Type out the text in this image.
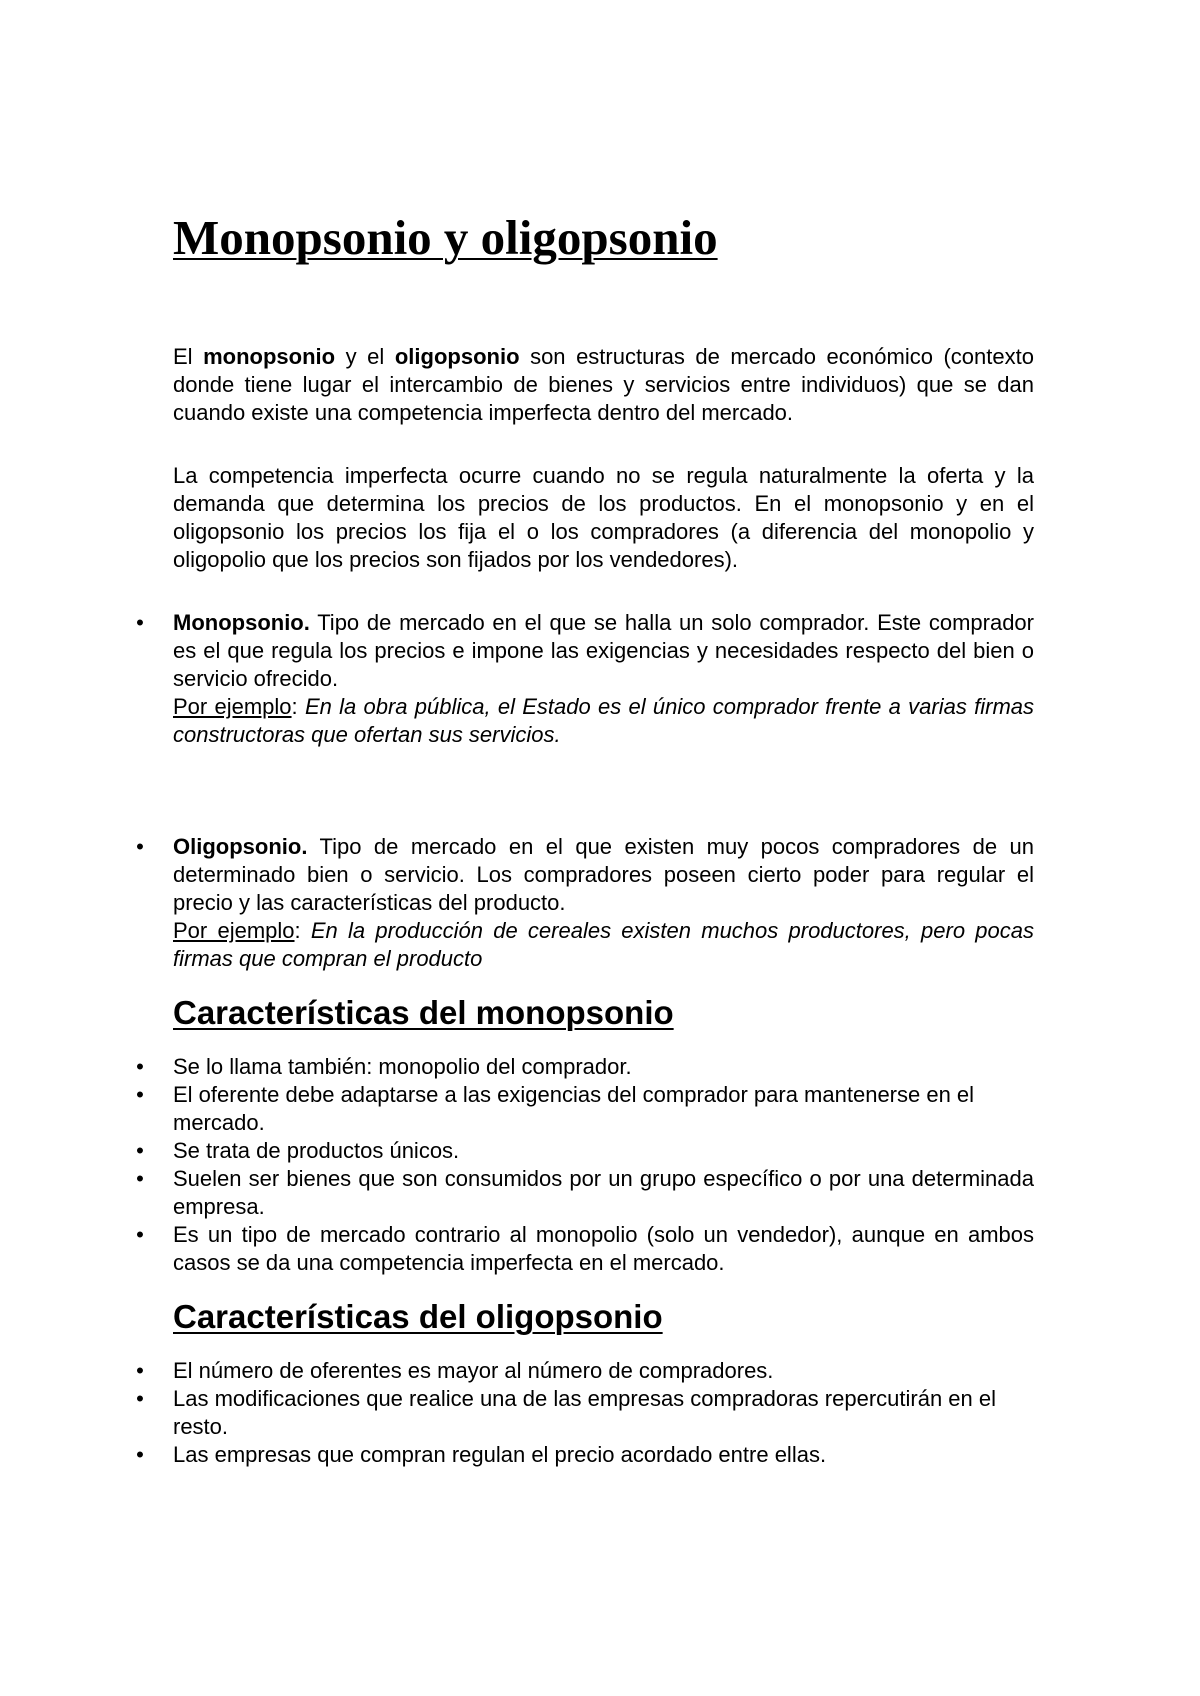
Monopsonio y oligopsonio

El monopsonio y el oligopsonio son estructuras de mercado económico (contexto donde tiene lugar el intercambio de bienes y servicios entre individuos) que se dan cuando existe una competencia imperfecta dentro del mercado.

La competencia imperfecta ocurre cuando no se regula naturalmente la oferta y la demanda que determina los precios de los productos. En el monopsonio y en el oligopsonio los precios los fija el o los compradores (a diferencia del monopolio y oligopolio que los precios son fijados por los vendedores).

• Monopsonio. Tipo de mercado en el que se halla un solo comprador. Este comprador es el que regula los precios e impone las exigencias y necesidades respecto del bien o servicio ofrecido.
Por ejemplo: En la obra pública, el Estado es el único comprador frente a varias firmas constructoras que ofertan sus servicios.
• Oligopsonio. Tipo de mercado en el que existen muy pocos compradores de un determinado bien o servicio. Los compradores poseen cierto poder para regular el precio y las características del producto.
Por ejemplo: En la producción de cereales existen muchos productores, pero pocas firmas que compran el producto
Características del monopsonio
• Se lo llama también: monopolio del comprador.
• El oferente debe adaptarse a las exigencias del comprador para mantenerse en el mercado.
• Se trata de productos únicos.
• Suelen ser bienes que son consumidos por un grupo específico o por una determinada empresa.
• Es un tipo de mercado contrario al monopolio (solo un vendedor), aunque en ambos casos se da una competencia imperfecta en el mercado.
Características del oligopsonio
• El número de oferentes es mayor al número de compradores.
• Las modificaciones que realice una de las empresas compradoras repercutirán en el resto.
• Las empresas que compran regulan el precio acordado entre ellas.
